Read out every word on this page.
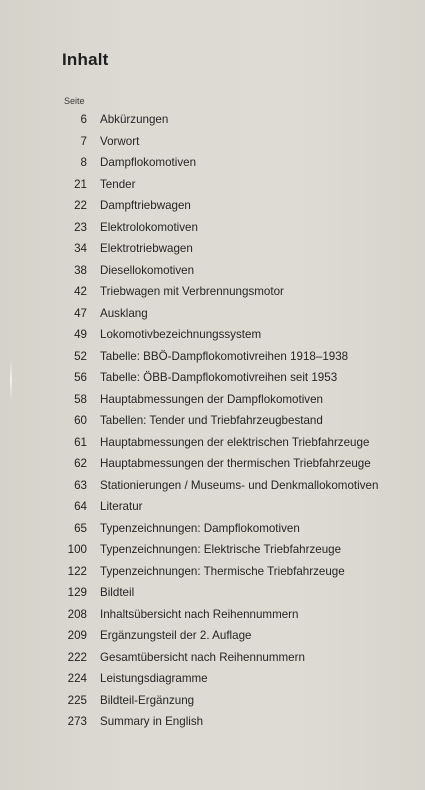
Inhalt
Seite
6 Abkürzungen
7 Vorwort
8 Dampflokomotiven
21 Tender
22 Dampftriebwagen
23 Elektrolokomotiven
34 Elektrotriebwagen
38 Diesellokomotiven
42 Triebwagen mit Verbrennungsmotor
47 Ausklang
49 Lokomotivbezeichnungssystem
52 Tabelle: BBÖ-Dampflokomotivreihen 1918–1938
56 Tabelle: ÖBB-Dampflokomotivreihen seit 1953
58 Hauptabmessungen der Dampflokomotiven
60 Tabellen: Tender und Triebfahrzeugbestand
61 Hauptabmessungen der elektrischen Triebfahrzeuge
62 Hauptabmessungen der thermischen Triebfahrzeuge
63 Stationierungen / Museums- und Denkmallokomotiven
64 Literatur
65 Typenzeichnungen: Dampflokomotiven
100 Typenzeichnungen: Elektrische Triebfahrzeuge
122 Typenzeichnungen: Thermische Triebfahrzeuge
129 Bildteil
208 Inhaltsübersicht nach Reihennummern
209 Ergänzungsteil der 2. Auflage
222 Gesamtübersicht nach Reihennummern
224 Leistungsdiagramme
225 Bildteil-Ergänzung
273 Summary in English
